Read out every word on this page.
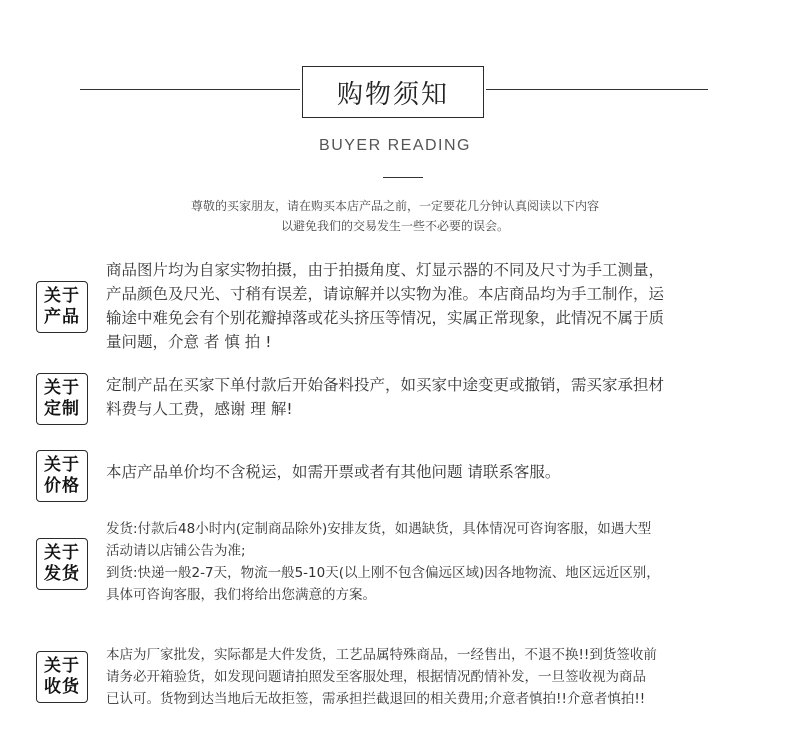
购物须知
BUYER READING
尊敬的买家朋友，请在购买本店产品之前，一定要花几分钟认真阅读以下内容
以避免我们的交易发生一些不必要的误会。
关于
产品

商品图片均为自家实物拍摄，由于拍摄角度、灯显示器的不同及尺寸为手工测量，

产品颜色及尺光、寸稍有误差，请谅解并以实物为准。本店商品均为手工制作，运

输途中难免会有个别花瓣掉落或花头挤压等情况，实属正常现象，此情况不属于质

量问题，介意 者 慎 拍 !

关于
定制

定制产品在买家下单付款后开始备料投产，如买家中途变更或撤销，需买家承担材

料费与人工费，感谢 理 解!

关于
价格

本店产品单价均不含税运，如需开票或者有其他问题 请联系客服。

关于
发货

发货:付款后48小时内(定制商品除外)安排友货，如遇缺货，具体情况可咨询客服，如遇大型

活动请以店铺公告为准;

到货:快递一般2-7天，物流一般5-10天(以上刚不包含偏远区域)因各地物流、地区远近区别，

具体可咨询客服，我们将给出您满意的方案。

关于
收货

本店为厂家批发，实际都是大件发货，工艺品属特殊商品，一经售出，不退不换!!到货签收前

请务必开箱验货，如发现问题请拍照发至客服处理，根据情况酌情补发，一旦签收视为商品

已认可。货物到达当地后无故拒签，需承担拦截退回的相关费用;介意者慎拍!!介意者慎拍!!
